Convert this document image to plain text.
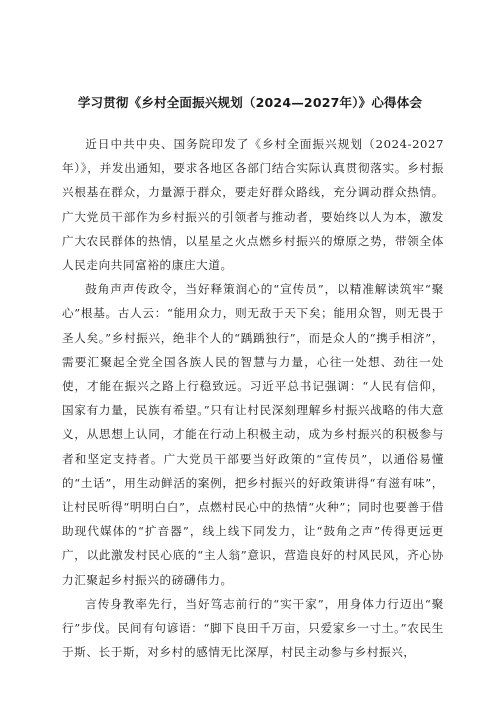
学习贯彻《乡村全面振兴规划（2024—2027年）》心得体会

近日中共中央、国务院印发了《乡村全面振兴规划（2024-2027年）》，并发出通知，要求各地区各部门结合实际认真贯彻落实。乡村振兴根基在群众，力量源于群众，要走好群众路线，充分调动群众热情。广大党员干部作为乡村振兴的引领者与推动者，要始终以人为本，激发广大农民群体的热情，以星星之火点燃乡村振兴的燎原之势，带领全体人民走向共同富裕的康庄大道。

鼓角声声传政令，当好释策润心的“宣传员”，以精准解读筑牢“聚心”根基。古人云：“能用众力，则无敌于天下矣；能用众智，则无畏于圣人矣。”乡村振兴，绝非个人的“踽踽独行”，而是众人的“携手相济”，需要汇聚起全党全国各族人民的智慧与力量，心往一处想、劲往一处使，才能在振兴之路上行稳致远。习近平总书记强调：“人民有信仰，国家有力量，民族有希望。”只有让村民深刻理解乡村振兴战略的伟大意义，从思想上认同，才能在行动上积极主动，成为乡村振兴的积极参与者和坚定支持者。广大党员干部要当好政策的“宣传员”，以通俗易懂的“土话”，用生动鲜活的案例，把乡村振兴的好政策讲得“有滋有味”，让村民听得“明明白白”，点燃村民心中的热情“火种”；同时也要善于借助现代媒体的“扩音器”，线上线下同发力，让“鼓角之声”传得更远更广，以此激发村民心底的“主人翁”意识，营造良好的村风民风，齐心协力汇聚起乡村振兴的磅礴伟力。

言传身教率先行，当好笃志前行的“实干家”，用身体力行迈出“聚行”步伐。民间有句谚语：“脚下良田千万亩，只爱家乡一寸土。”农民生于斯、长于斯，对乡村的感情无比深厚，村民主动参与乡村振兴，
